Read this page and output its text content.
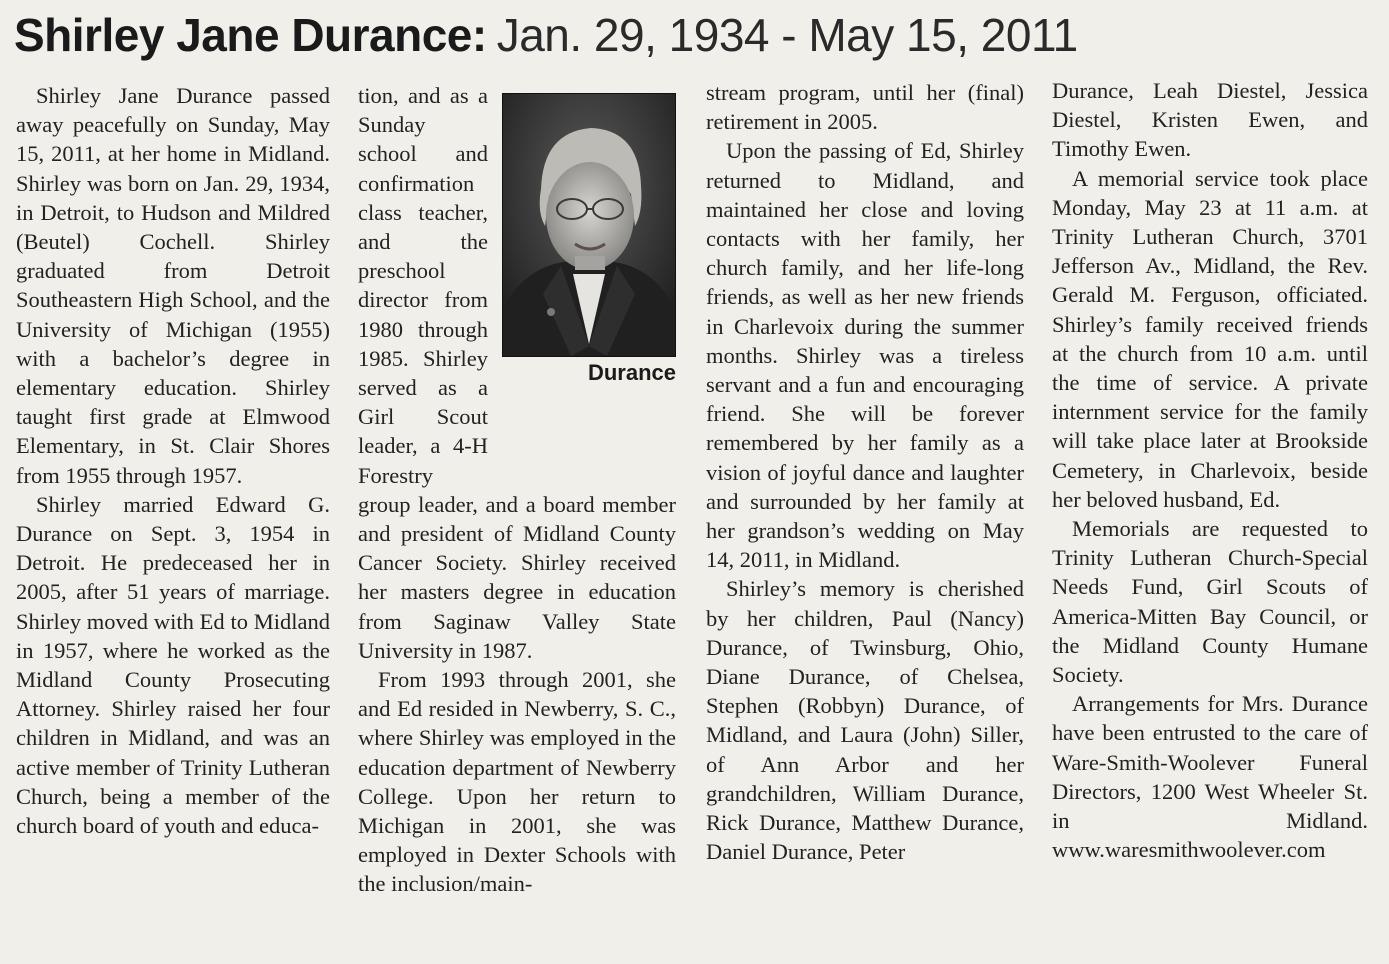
Shirley Jane Durance: Jan. 29, 1934 - May 15, 2011

Shirley Jane Durance passed away peacefully on Sunday, May 15, 2011, at her home in Midland. Shirley was born on Jan. 29, 1934, in Detroit, to Hudson and Mildred (Beutel) Cochell. Shirley graduated from Detroit Southeastern High School, and the University of Michigan (1955) with a bachelor’s degree in elementary education. Shirley taught first grade at Elmwood Elementary, in St. Clair Shores from 1955 through 1957.

Shirley married Edward G. Durance on Sept. 3, 1954 in Detroit. He predeceased her in 2005, after 51 years of marriage. Shirley moved with Ed to Midland in 1957, where he worked as the Midland County Prosecuting Attorney. Shirley raised her four children in Midland, and was an active member of Trinity Lutheran Church, being a member of the church board of youth and educa-

Durance

tion, and as a Sunday school and confirmation class teacher, and the preschool director from 1980 through 1985. Shirley served as a Girl Scout leader, a 4-H Forestry group leader, and a board member and president of Midland County Cancer Society. Shirley received her masters degree in education from Saginaw Valley State University in 1987.

From 1993 through 2001, she and Ed resided in Newberry, S. C., where Shirley was employed in the education department of Newberry College. Upon her return to Michigan in 2001, she was employed in Dexter Schools with the inclusion/main-

stream program, until her (final) retirement in 2005.

Upon the passing of Ed, Shirley returned to Midland, and maintained her close and loving contacts with her family, her church family, and her life-long friends, as well as her new friends in Charlevoix during the summer months. Shirley was a tireless servant and a fun and encouraging friend. She will be forever remembered by her family as a vision of joyful dance and laughter and surrounded by her family at her grandson’s wedding on May 14, 2011, in Midland.

Shirley’s memory is cherished by her children, Paul (Nancy) Durance, of Twinsburg, Ohio, Diane Durance, of Chelsea, Stephen (Robbyn) Durance, of Midland, and Laura (John) Siller, of Ann Arbor and her grandchildren, William Durance, Rick Durance, Matthew Durance, Daniel Durance, Peter

Durance, Leah Diestel, Jessica Diestel, Kristen Ewen, and Timothy Ewen.

A memorial service took place Monday, May 23 at 11 a.m. at Trinity Lutheran Church, 3701 Jefferson Av., Midland, the Rev. Gerald M. Ferguson, officiated. Shirley’s family received friends at the church from 10 a.m. until the time of service. A private internment service for the family will take place later at Brookside Cemetery, in Charlevoix, beside her beloved husband, Ed.

Memorials are requested to Trinity Lutheran Church-Special Needs Fund, Girl Scouts of America-Mitten Bay Council, or the Midland County Humane Society.

Arrangements for Mrs. Durance have been entrusted to the care of Ware-Smith-Woolever Funeral Directors, 1200 West Wheeler St. in Midland. www.waresmithwoolever.com
